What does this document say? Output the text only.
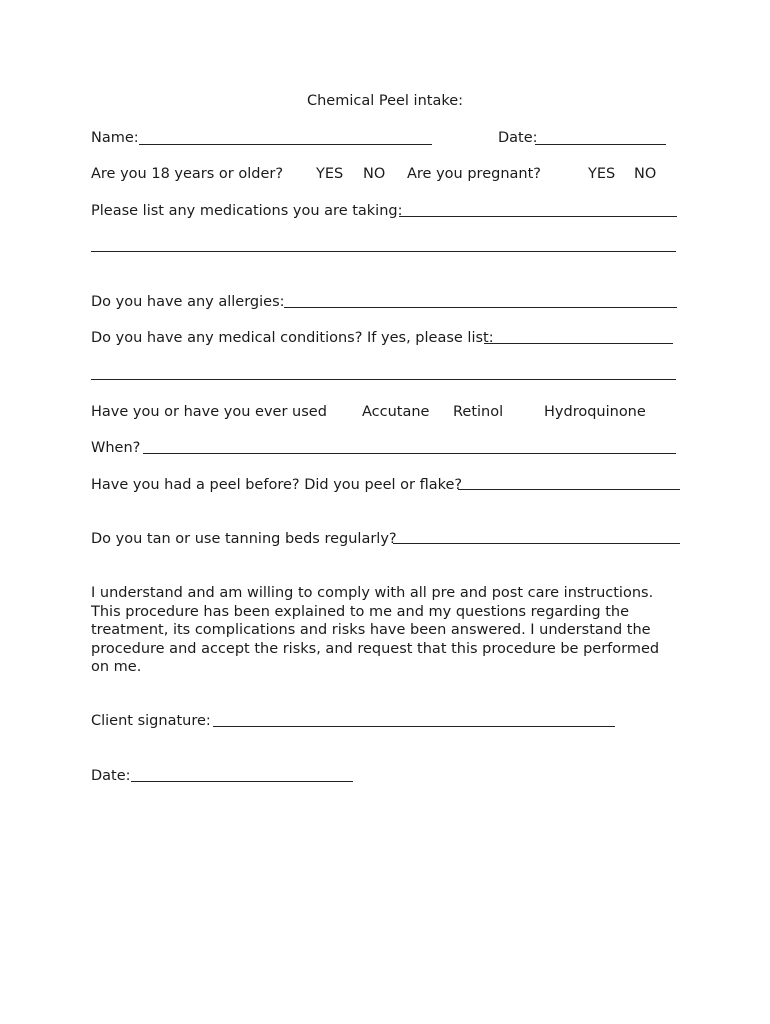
Chemical Peel intake:
Name:	Date:
Are you 18 years or older? YES NO Are you pregnant?	YES NO
Please list any medications you are taking:
Do you have any allergies:
Do you have any medical conditions? If yes, please list:
Have you or have you ever used Accutane Retinol	Hydroquinone
When?
Have you had a peel before? Did you peel or flake?
Do you tan or use tanning beds regularly?
I understand and am willing to comply with all pre and post care instructions. This procedure has been explained to me and my questions regarding the treatment, its complications and risks have been answered. I understand the procedure and accept the risks, and request that this procedure be performed on me.
Client signature:
Date:
